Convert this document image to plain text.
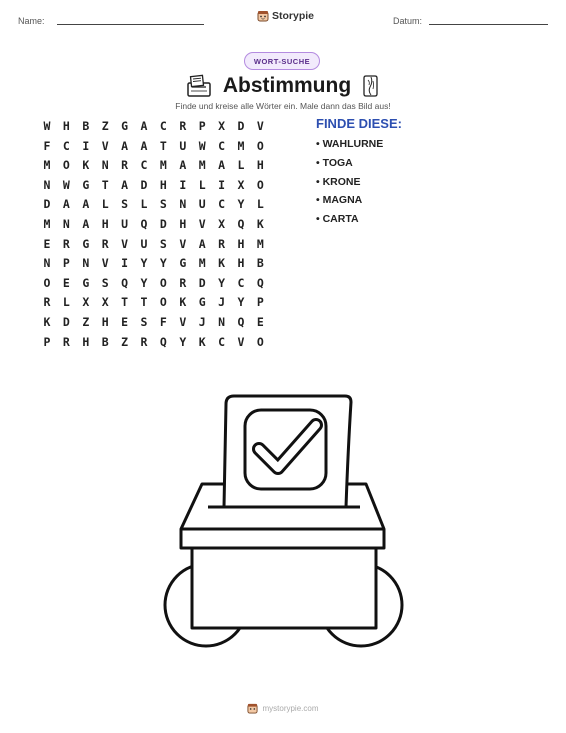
Name:	Storypie	Datum:
WORT-SUCHE
Abstimmung
Finde und kreise alle Wörter ein. Male dann das Bild aus!
W	H	B	Z	G	A	C	R	P	X	D	V
F	C	I	V	A	A	T	U	W	C	M	O
M	O	K	N	R	C	M	A	M	A	L	H
N	W	G	T	A	D	H	I	L	I	X	O
D	A	A	L	S	L	S	N	U	C	Y	L
M	N	A	H	U	Q	D	H	V	X	Q	K
E	R	G	R	V	U	S	V	A	R	H	M
N	P	N	V	I	Y	Y	G	M	K	H	B
O	E	G	S	Q	Y	O	R	D	Y	C	Q
R	L	X	X	T	T	O	K	G	J	Y	P
K	D	Z	H	E	S	F	V	J	N	Q	E
P	R	H	B	Z	R	Q	Y	K	C	V	O
FINDE DIESE:
• WAHLURNE
• TOGA
• KRONE
• MAGNA
• CARTA
mystorypie.com
